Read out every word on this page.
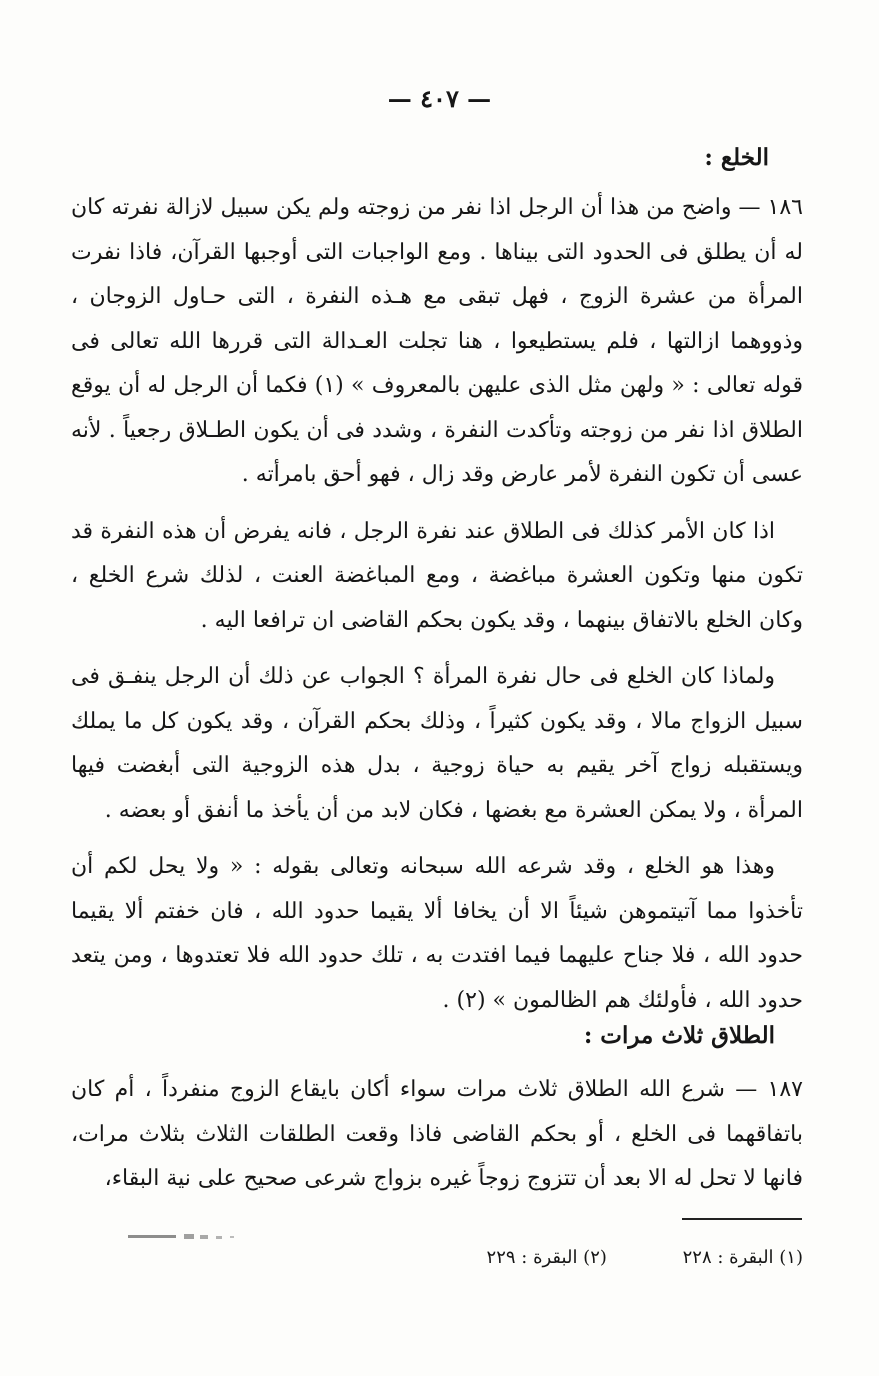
— ٤٠٧ —
الخلع :

١٨٦ — واضح من هذا أن الرجل اذا نفر من زوجته ولم يكن سبيل لازالة نفرته كان له أن يطلق فى الحدود التى بيناها . ومع الواجبات التى أوجبها القرآن، فاذا نفرت المرأة من عشرة الزوج ، فهل تبقى مع هـذه النفرة ، التى حـاول الزوجان ، وذووهما ازالتها ، فلم يستطيعوا ، هنا تجلت العـدالة التى قررها الله تعالى فى قوله تعالى : « ولهن مثل الذى عليهن بالمعروف » (١) فكما أن الرجل له أن يوقع الطلاق اذا نفر من زوجته وتأكدت النفرة ، وشدد فى أن يكون الطـلاق رجعياً . لأنه عسى أن تكون النفرة لأمر عارض وقد زال ، فهو أحق بامرأته .

اذا كان الأمر كذلك فى الطلاق عند نفرة الرجل ، فانه يفرض أن هذه النفرة قد تكون منها وتكون العشرة مباغضة ، ومع المباغضة العنت ، لذلك شرع الخلع ، وكان الخلع بالاتفاق بينهما ، وقد يكون بحكم القاضى ان ترافعا اليه .

ولماذا كان الخلع فى حال نفرة المرأة ؟ الجواب عن ذلك أن الرجل ينفـق فى سبيل الزواج مالا ، وقد يكون كثيراً ، وذلك بحكم القرآن ، وقد يكون كل ما يملك ويستقبله زواج آخر يقيم به حياة زوجية ، بدل هذه الزوجية التى أبغضت فيها المرأة ، ولا يمكن العشرة مع بغضها ، فكان لابد من أن يأخذ ما أنفق أو بعضه .

وهذا هو الخلع ، وقد شرعه الله سبحانه وتعالى بقوله : « ولا يحل لكم أن تأخذوا مما آتيتموهن شيئاً الا أن يخافا ألا يقيما حدود الله ، فان خفتم ألا يقيما حدود الله ، فلا جناح عليهما فيما افتدت به ، تلك حدود الله فلا تعتدوها ، ومن يتعد حدود الله ، فأولئك هم الظالمون » (٢) .

الطلاق ثلاث مرات :

١٨٧ — شرع الله الطلاق ثلاث مرات سواء أكان بايقاع الزوج منفرداً ، أم كان باتفاقهما فى الخلع ، أو بحكم القاضى فاذا وقعت الطلقات الثلاث بثلاث مرات، فانها لا تحل له الا بعد أن تتزوج زوجاً غيره بزواج شرعى صحيح على نية البقاء،

(١) البقرة : ٢٢٨ (٢) البقرة : ٢٢٩
